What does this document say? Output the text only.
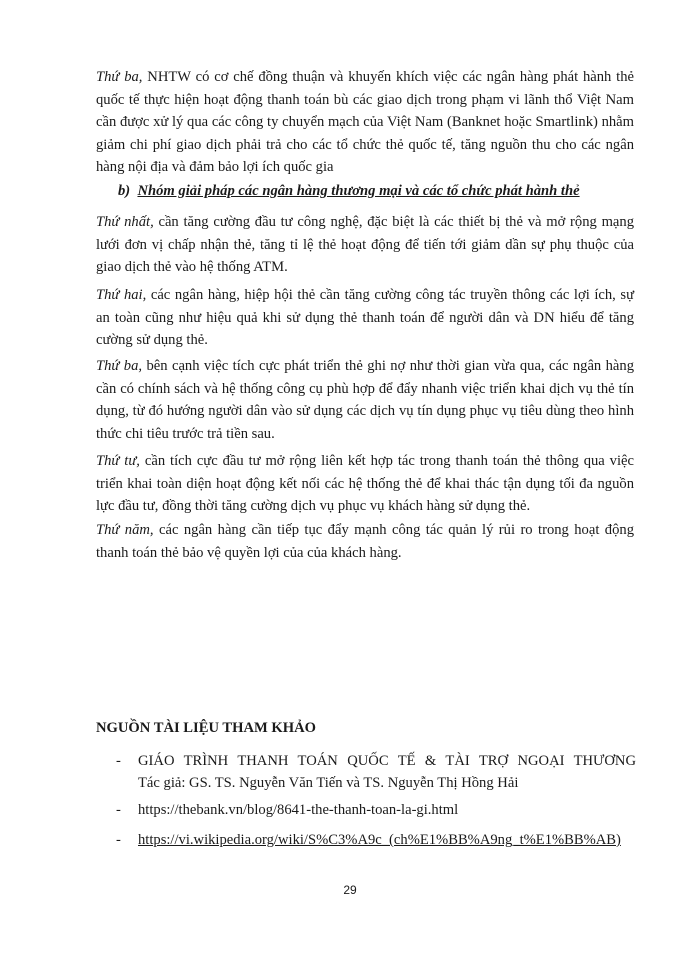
Thứ ba, NHTW có cơ chế đồng thuận và khuyến khích việc các ngân hàng phát hành thẻ quốc tế thực hiện hoạt động thanh toán bù các giao dịch trong phạm vi lãnh thổ Việt Nam cần được xử lý qua các công ty chuyển mạch của Việt Nam (Banknet hoặc Smartlink) nhằm giảm chi phí giao dịch phải trả cho các tổ chức thẻ quốc tế, tăng nguồn thu cho các ngân hàng nội địa và đảm bảo lợi ích quốc gia

b) Nhóm giải pháp các ngân hàng thương mại và các tổ chức phát hành thẻ

Thứ nhất, cần tăng cường đầu tư công nghệ, đặc biệt là các thiết bị thẻ và mở rộng mạng lưới đơn vị chấp nhận thẻ, tăng tỉ lệ thẻ hoạt động để tiến tới giảm dần sự phụ thuộc của giao dịch thẻ vào hệ thống ATM.

Thứ hai, các ngân hàng, hiệp hội thẻ cần tăng cường công tác truyền thông các lợi ích, sự an toàn cũng như hiệu quả khi sử dụng thẻ thanh toán để người dân và DN hiểu để tăng cường sử dụng thẻ.

Thứ ba, bên cạnh việc tích cực phát triển thẻ ghi nợ như thời gian vừa qua, các ngân hàng cần có chính sách và hệ thống công cụ phù hợp để đẩy nhanh việc triển khai dịch vụ thẻ tín dụng, từ đó hướng người dân vào sử dụng các dịch vụ tín dụng phục vụ tiêu dùng theo hình thức chi tiêu trước trả tiền sau.

Thứ tư, cần tích cực đầu tư mở rộng liên kết hợp tác trong thanh toán thẻ thông qua việc triển khai toàn diện hoạt động kết nối các hệ thống thẻ để khai thác tận dụng tối đa nguồn lực đầu tư, đồng thời tăng cường dịch vụ phục vụ khách hàng sử dụng thẻ.

Thứ năm, các ngân hàng cần tiếp tục đẩy mạnh công tác quản lý rủi ro trong hoạt động thanh toán thẻ bảo vệ quyền lợi của của khách hàng.

NGUỒN TÀI LIỆU THAM KHẢO

- GIÁO TRÌNH THANH TOÁN QUỐC TẾ & TÀI TRỢ NGOẠI THƯƠNG
Tác giả: GS. TS. Nguyễn Văn Tiến và TS. Nguyễn Thị Hồng Hải
- https://thebank.vn/blog/8641-the-thanh-toan-la-gi.html
- https://vi.wikipedia.org/wiki/S%C3%A9c_(ch%E1%BB%A9ng_t%E1%BB%AB)

29
